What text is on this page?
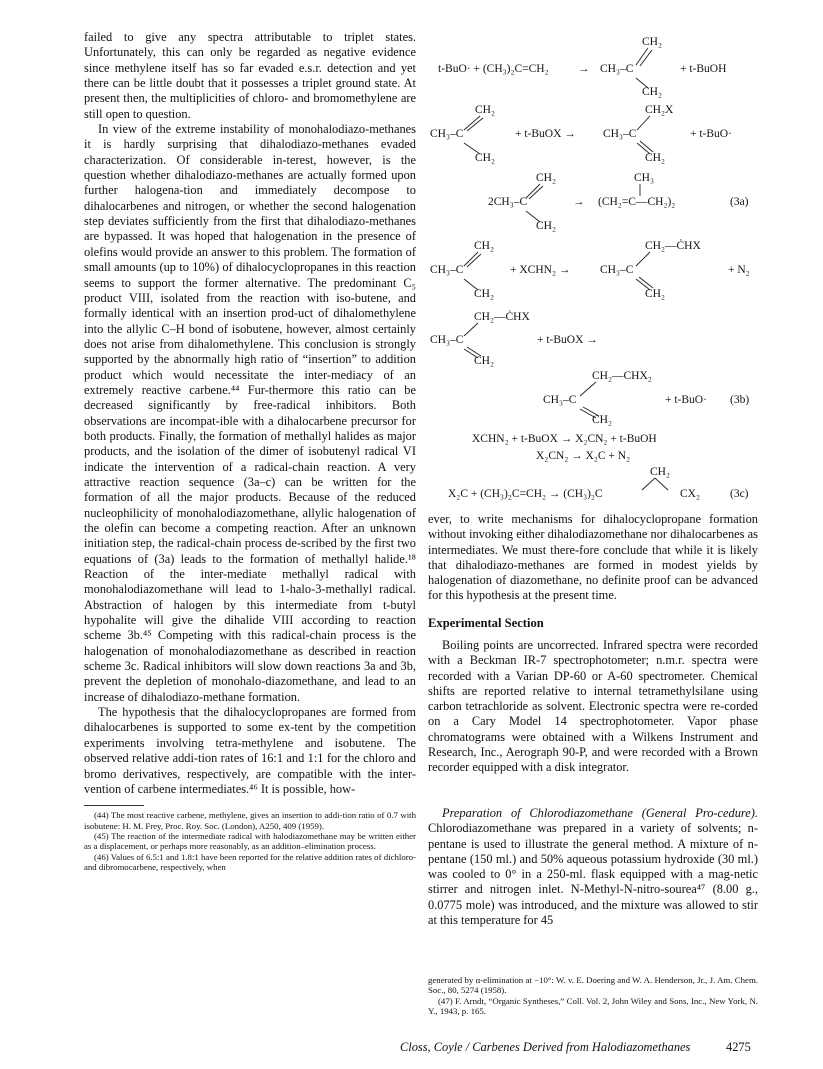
failed to give any spectra attributable to triplet states. Unfortunately, this can only be regarded as negative evidence since methylene itself has so far evaded e.s.r. detection and yet there can be little doubt that it possesses a triplet ground state. At present then, the multiplicities of chloro- and bromomethylene are still open to question.

In view of the extreme instability of monohalodiazo-methanes it is hardly surprising that dihalodiazo-methanes evaded characterization. Of considerable in-terest, however, is the question whether dihalodiazo-methanes are actually formed upon further halogena-tion and immediately decompose to dihalocarbenes and nitrogen, or whether the second halogenation step deviates sufficiently from the first that dihalodiazo-methanes are bypassed. It was hoped that halogenation in the presence of olefins would provide an answer to this problem. The formation of small amounts (up to 10%) of dihalocyclopropanes in this reaction seems to support the former alternative. The predominant C₅ product VIII, isolated from the reaction with iso-butene, and formally identical with an insertion prod-uct of dihalomethylene into the allylic C–H bond of isobutene, however, almost certainly does not arise from dihalomethylene. This conclusion is strongly supported by the abnormally high ratio of “insertion” to addition product which would necessitate the inter-mediacy of an extremely reactive carbene.⁴⁴ Fur-thermore this ratio can be decreased significantly by free-radical inhibitors. Both observations are incompat-ible with a dihalocarbene precursor for both products. Finally, the formation of methallyl halides as major products, and the isolation of the dimer of isobutenyl radical VI indicate the intervention of a radical-chain reaction. A very attractive reaction sequence (3a–c) can be written for the formation of all the major products. Because of the reduced nucleophilicity of monohalodiazomethane, allylic halogenation of the olefin can become a competing reaction. After an unknown initiation step, the radical-chain process de-scribed by the first two equations of (3a) leads to the formation of methallyl halide.¹⁸ Reaction of the inter-mediate methallyl radical with monohalodiazomethane will lead to 1-halo-3-methallyl radical. Abstraction of halogen by this intermediate from t-butyl hypohalite will give the dihalide VIII according to reaction scheme 3b.⁴⁵ Competing with this radical-chain process is the halogenation of monohalodiazomethane as described in reaction scheme 3c. Radical inhibitors will slow down reactions 3a and 3b, prevent the depletion of monohalo-diazomethane, and lead to an increase of dihalodiazo-methane formation.

The hypothesis that the dihalocyclopropanes are formed from dihalocarbenes is supported to some ex-tent by the competition experiments involving tetra-methylene and isobutene. The observed relative addi-tion rates of 16:1 and 1:1 for the chloro and bromo derivatives, respectively, are compatible with the inter-vention of carbene intermediates.⁴⁶ It is possible, how-

(44) The most reactive carbene, methylene, gives an insertion to addi-tion ratio of 0.7 with isobutene: H. M. Frey, Proc. Roy. Soc. (London), A250, 409 (1959).

(45) The reaction of the intermediate radical with halodiazomethane may be written either as a displacement, or perhaps more reasonably, as an addition–elimination process.

(46) Values of 6.5:1 and 1.8:1 have been reported for the relative addition rates of dichloro- and dibromocarbene, respectively, when

t-BuO· + (CH₃)₂C=CH₂	→ CH₃–C
CH₂
CH₂
+ t-BuOH
CH₃–C
CH₂
CH₂
+ t-BuOX → CH₃–C
CH₂X
CH₂
+ t-BuO·
2CH₃–C
CH₂
CH₂
→ (CH₂=C—CH₂)₂
CH₃
(3a)
CH₃–C
CH₂
CH₂
+ XCHN₂ →	CH₃–C
CH₂—ĊHX
CH₂
+ N₂
CH₃–C
CH₂—ĊHX
CH₂
+ t-BuOX →
CH₃–C
CH₂—CHX₂
CH₂
+ t-BuO· (3b)
XCHN₂ + t-BuOX → X₂CN₂ + t-BuOH
X₂CN₂ → X₂C + N₂
X₂C + (CH₃)₂C=CH₂ → (CH₃)₂C
CH₂
CX₂	(3c)
ever, to write mechanisms for dihalocyclopropane formation without invoking either dihalodiazomethane nor dihalocarbenes as intermediates. We must there-fore conclude that while it is likely that dihalodiazo-methanes are formed in modest yields by halogenation of diazomethane, no definite proof can be advanced for this hypothesis at the present time.
Experimental Section
Boiling points are uncorrected. Infrared spectra were recorded with a Beckman IR-7 spectrophotometer; n.m.r. spectra were recorded with a Varian DP-60 or A-60 spectrometer. Chemical shifts are reported relative to internal tetramethylsilane using carbon tetrachloride as solvent. Electronic spectra were re-corded on a Cary Model 14 spectrophotometer. Vapor phase chromatograms were obtained with a Wilkens Instrument and Research, Inc., Aerograph 90-P, and were recorded with a Brown recorder equipped with a disk integrator.
Preparation of Chlorodiazomethane (General Pro-cedure). Chlorodiazomethane was prepared in a variety of solvents; n-pentane is used to illustrate the general method. A mixture of n-pentane (150 ml.) and 50% aqueous potassium hydroxide (30 ml.) was cooled to 0° in a 250-ml. flask equipped with a mag-netic stirrer and nitrogen inlet. N-Methyl-N-nitro-sourea⁴⁷ (8.00 g., 0.0775 mole) was introduced, and the mixture was allowed to stir at this temperature for 45
generated by α-elimination at −10°: W. v. E. Doering and W. A. Henderson, Jr., J. Am. Chem. Soc., 80, 5274 (1958).
(47) F. Arndt, “Organic Syntheses,” Coll. Vol. 2, John Wiley and Sons, Inc., New York, N. Y., 1943, p. 165.
Closs, Coyle / Carbenes Derived from Halodiazomethanes	4275
